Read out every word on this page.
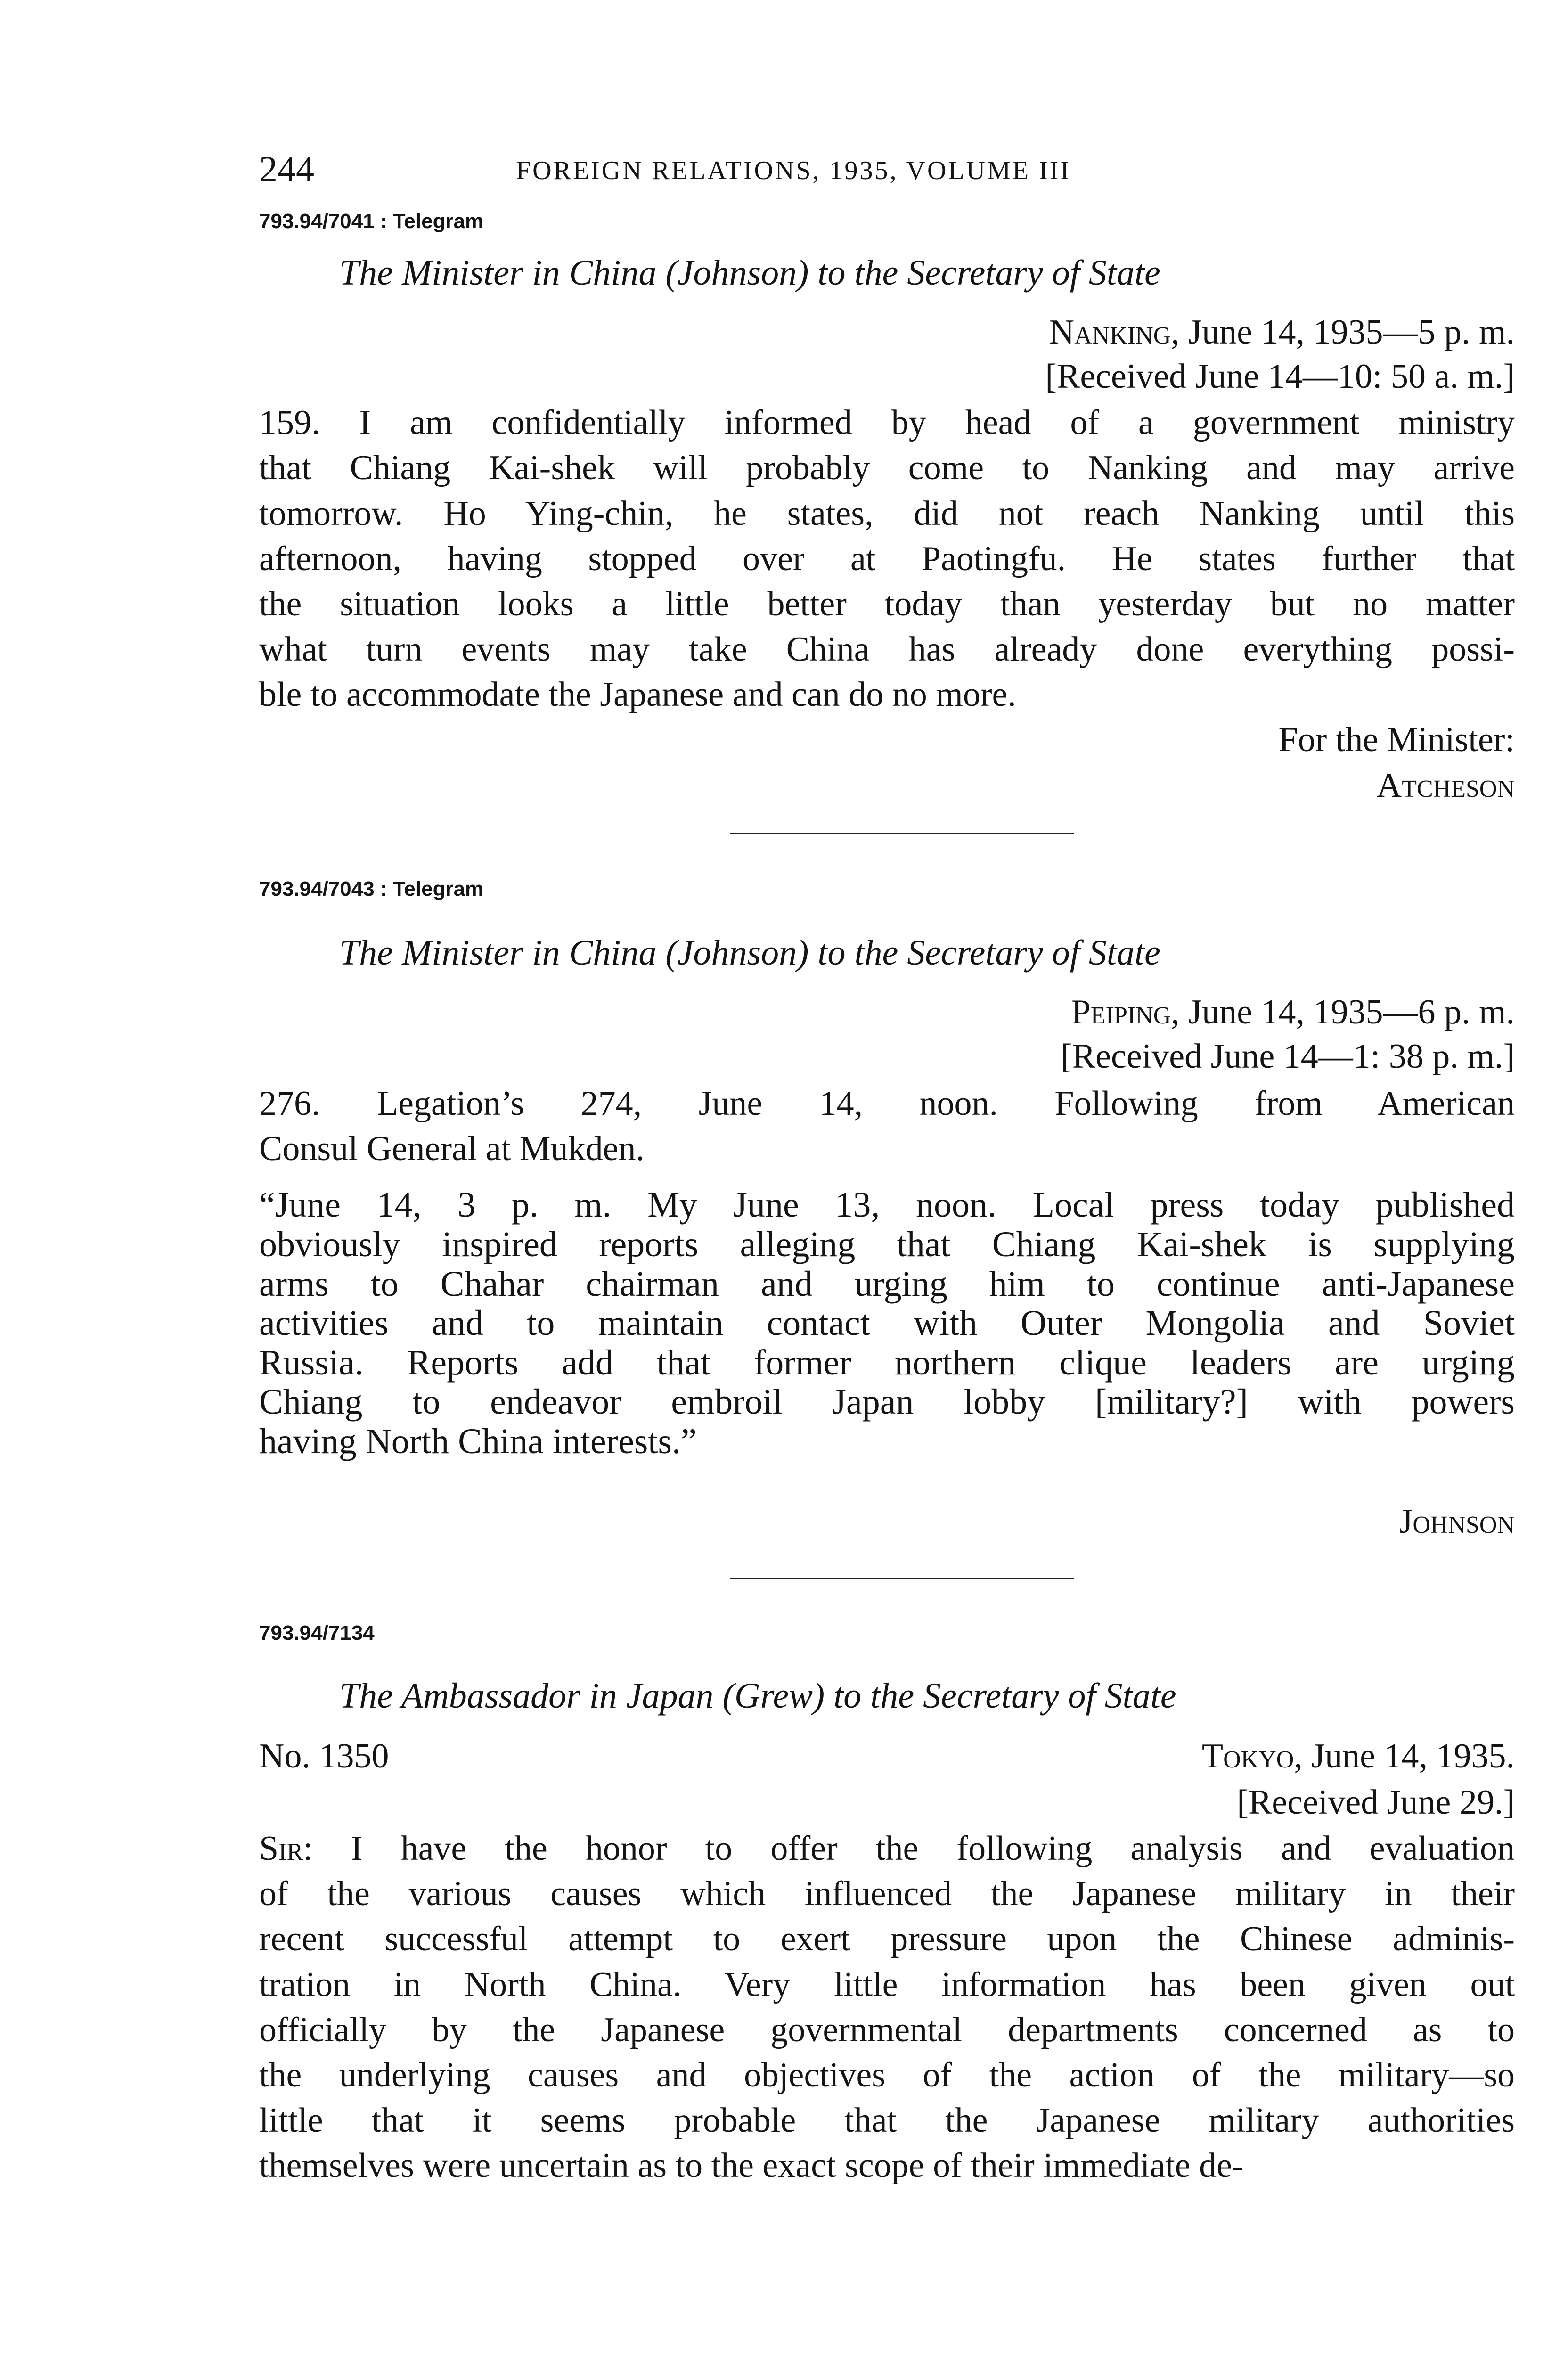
244	FOREIGN RELATIONS, 1935, VOLUME III

793.94/7041 : Telegram

The Minister in China (Johnson) to the Secretary of State

Nanking, June 14, 1935—5 p. m.
[Received June 14—10: 50 a. m.]
159. I am confidentially informed by head of a government ministry
that Chiang Kai-shek will probably come to Nanking and may arrive
tomorrow. Ho Ying-chin, he states, did not reach Nanking until this
afternoon, having stopped over at Paotingfu. He states further that
the situation looks a little better today than yesterday but no matter
what turn events may take China has already done everything possi-
ble to accommodate the Japanese and can do no more.
For the Minister:
Atcheson

793.94/7043 : Telegram

The Minister in China (Johnson) to the Secretary of State

Peiping, June 14, 1935—6 p. m.
[Received June 14—1: 38 p. m.]
276. Legation’s 274, June 14, noon. Following from American
Consul General at Mukden.
“June 14, 3 p. m. My June 13, noon. Local press today published
obviously inspired reports alleging that Chiang Kai-shek is supplying
arms to Chahar chairman and urging him to continue anti-Japanese
activities and to maintain contact with Outer Mongolia and Soviet
Russia. Reports add that former northern clique leaders are urging
Chiang to endeavor embroil Japan lobby [military?] with powers
having North China interests.”
Johnson

793.94/7134

The Ambassador in Japan (Grew) to the Secretary of State

No. 1350	Tokyo, June 14, 1935.
[Received June 29.]
Sir: I have the honor to offer the following analysis and evaluation
of the various causes which influenced the Japanese military in their
recent successful attempt to exert pressure upon the Chinese adminis-
tration in North China. Very little information has been given out
officially by the Japanese governmental departments concerned as to
the underlying causes and objectives of the action of the military—so
little that it seems probable that the Japanese military authorities
themselves were uncertain as to the exact scope of their immediate de-
